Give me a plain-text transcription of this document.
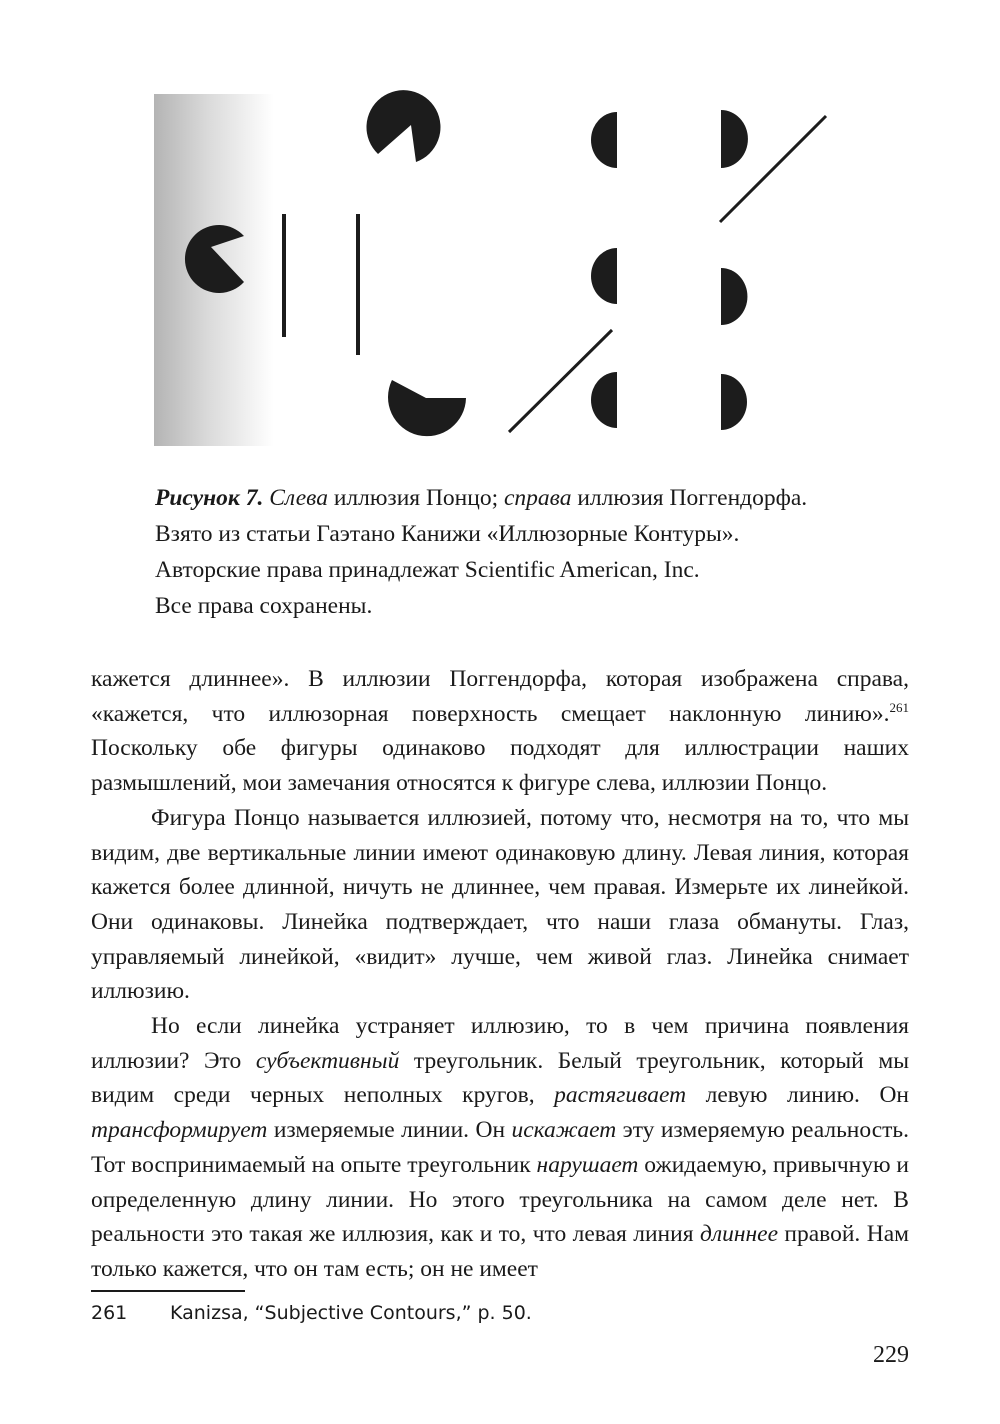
Рисунок 7. Слева иллюзия Понцо; справа иллюзия Поггендорфа.
Взято из статьи Гаэтано Канижи «Иллюзорные Контуры».
Авторские права принадлежат Scientific American, Inc.
Все права сохранены.

кажется длиннее». В иллюзии Поггендорфа, которая изображена справа, «кажется, что иллюзорная поверхность смещает наклонную линию».$^{261}$ Поскольку обе фигуры одинаково подходят для иллюстрации наших размышлений, мои замечания относятся к фигуре слева, иллюзии Понцо.

Фигура Понцо называется иллюзией, потому что, несмотря на то, что мы видим, две вертикальные линии имеют одинаковую длину. Левая линия, которая кажется более длинной, ничуть не длиннее, чем правая. Измерьте их линейкой. Они одинаковы. Линейка подтверждает, что наши глаза обмануты. Глаз, управляемый линейкой, «видит» лучше, чем живой глаз. Линейка снимает иллюзию.

Но если линейка устраняет иллюзию, то в чем причина появления иллюзии? Это субъективный треугольник. Белый треугольник, который мы видим среди черных неполных кругов, растягивает левую линию. Он трансформирует измеряемые линии. Он искажает эту измеряемую реальность. Тот воспринимаемый на опыте треугольник нарушает ожидаемую, привычную и определенную длину линии. Но этого треугольника на самом деле нет. В реальности это такая же иллюзия, как и то, что левая линия длиннее правой. Нам только кажется, что он там есть; он не имеет

261 Kanizsa, “Subjective Contours,” p. 50.
229
